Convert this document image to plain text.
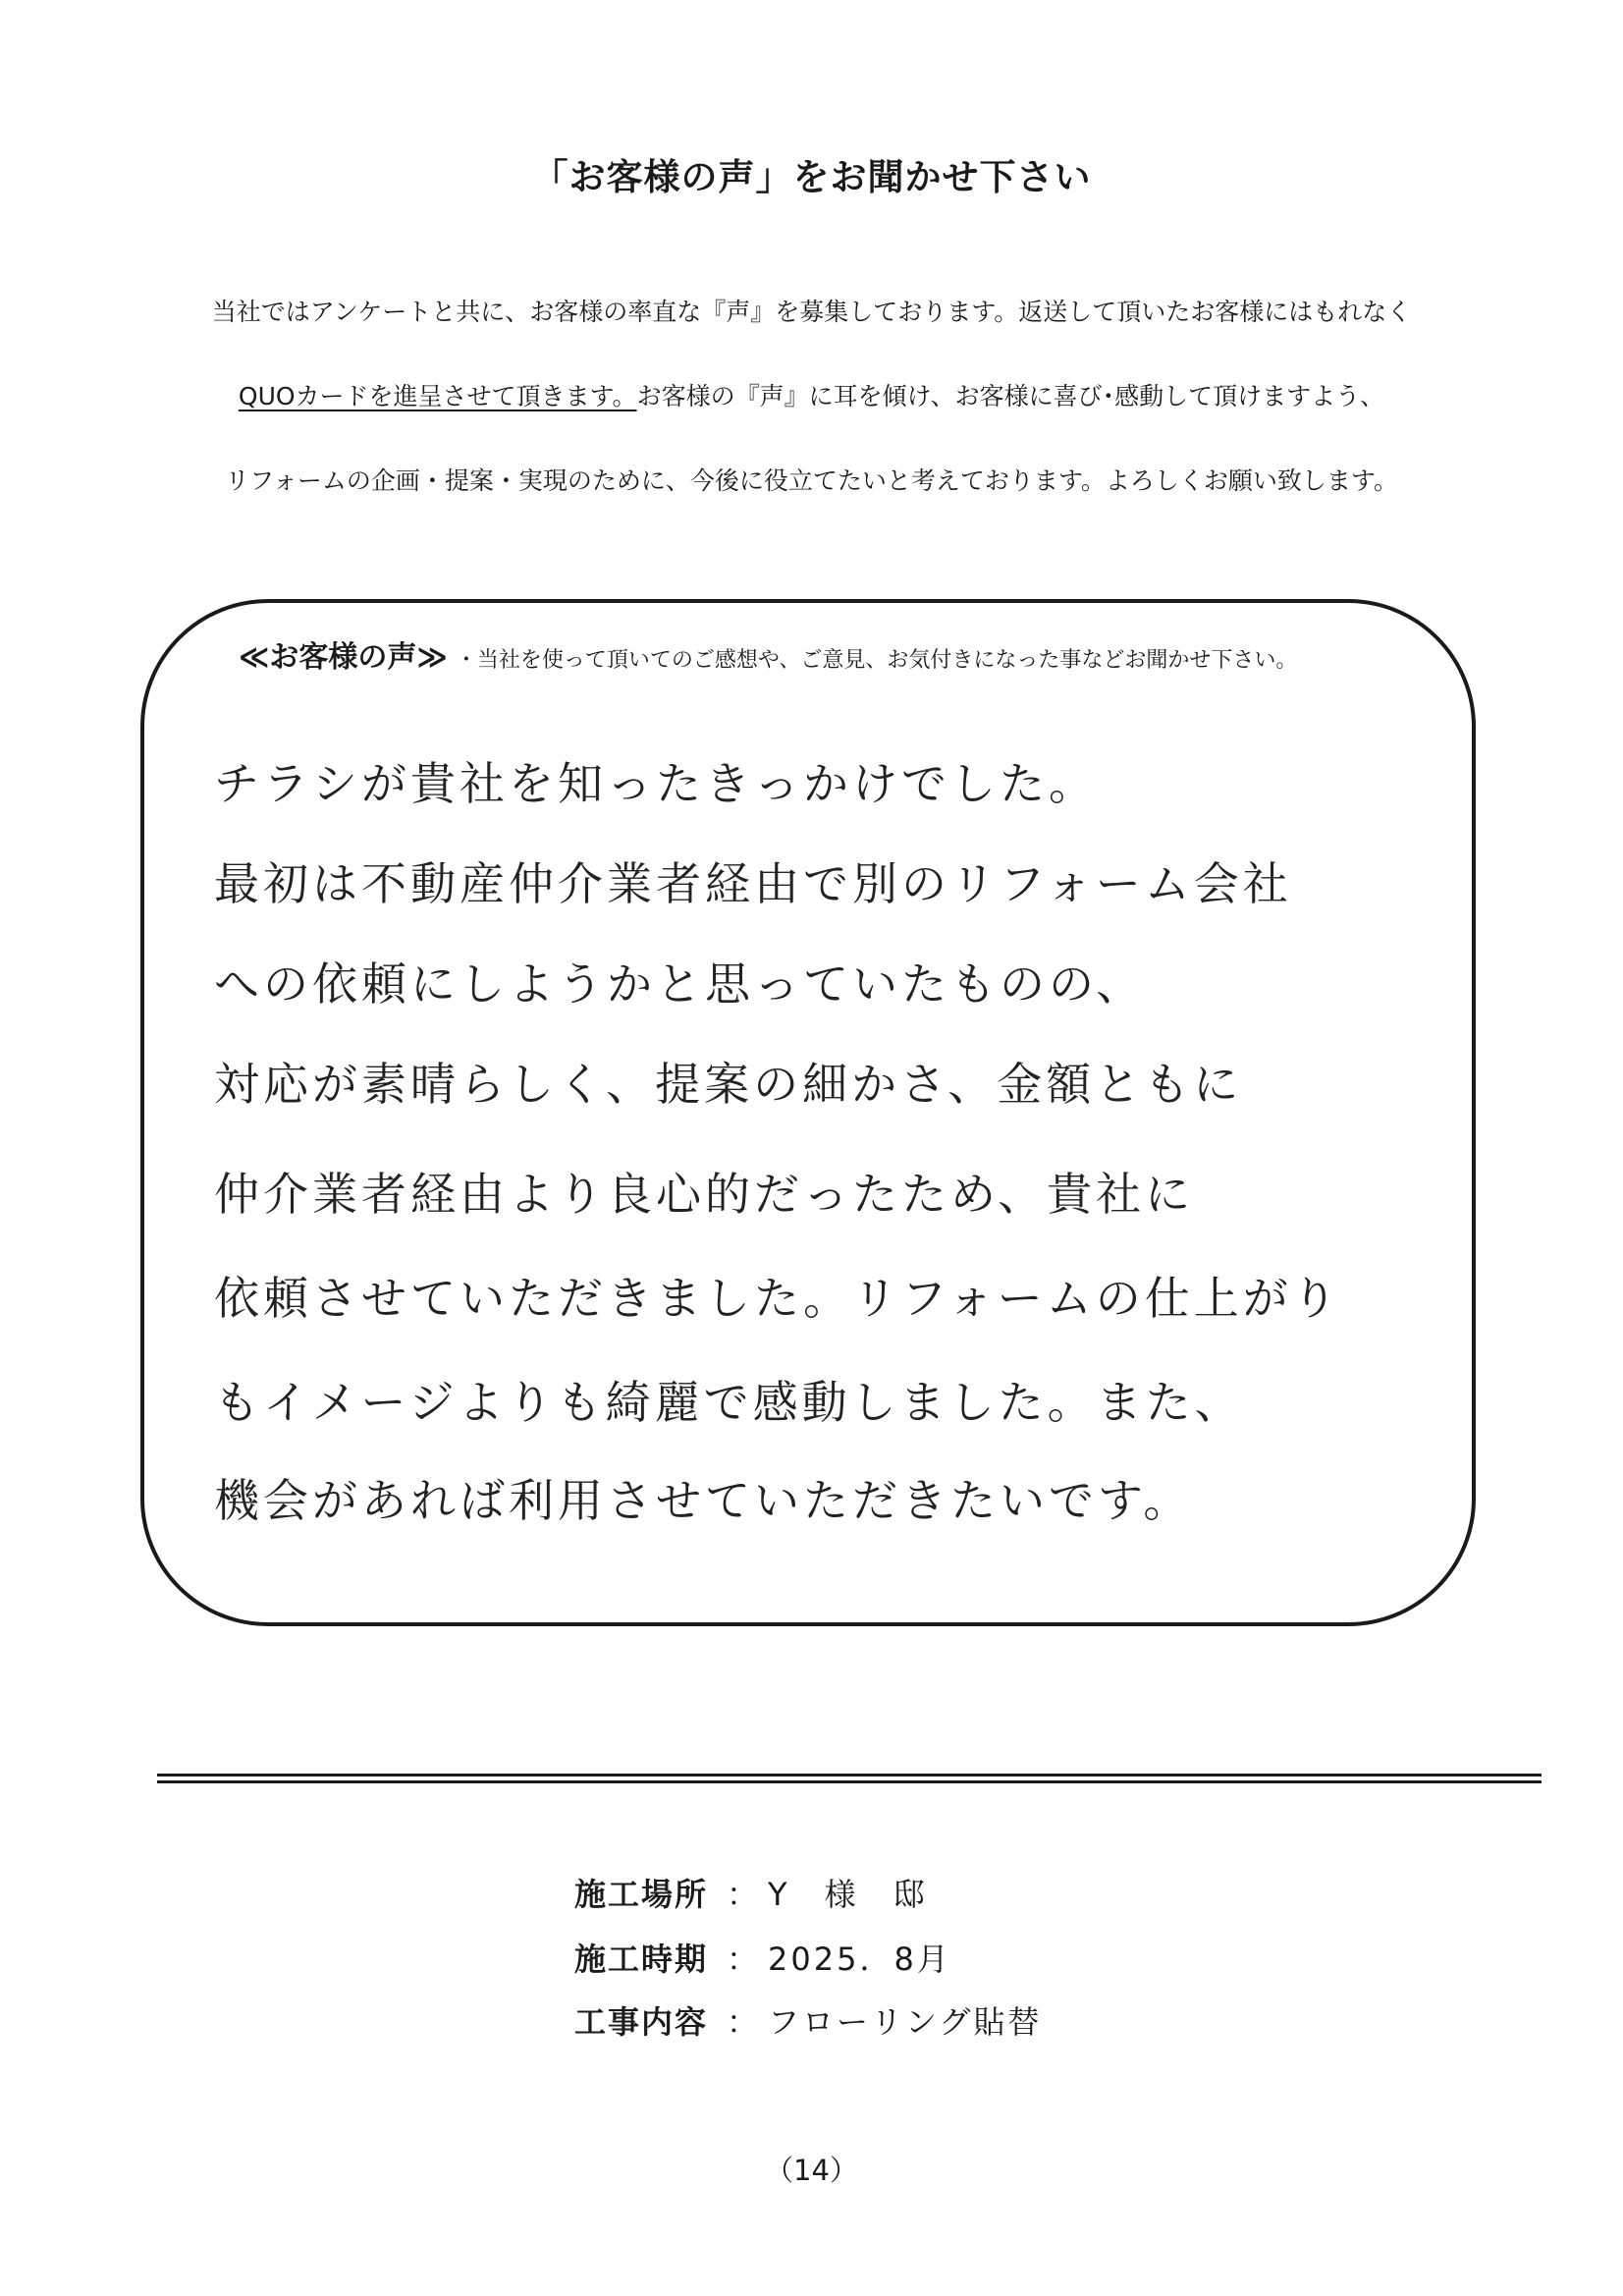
「お客様の声」をお聞かせ下さい
当社ではアンケートと共に、お客様の率直な『声』を募集しております。返送して頂いたお客様にはもれなく
QUOカードを進呈させて頂きます。お客様の『声』に耳を傾け、お客様に喜び･感動して頂けますよう、
リフォームの企画・提案・実現のために、今後に役立てたいと考えております。よろしくお願い致します。
≪お客様の声≫ ・当社を使って頂いてのご感想や、ご意見、お気付きになった事などお聞かせ下さい。
チラシが貴社を知ったきっかけでした。
最初は不動産仲介業者経由で別のリフォーム会社
への依頼にしようかと思っていたものの、
対応が素晴らしく、提案の細かさ、金額ともに
仲介業者経由より良心的だったため、貴社に
依頼させていただきました。リフォームの仕上がり
もイメージよりも綺麗で感動しました。また、
機会があれば利用させていただきたいです。
施工場所 ： Y　様　邸
施工時期 ： 2025．8月
工事内容 ： フローリング貼替
（14）
